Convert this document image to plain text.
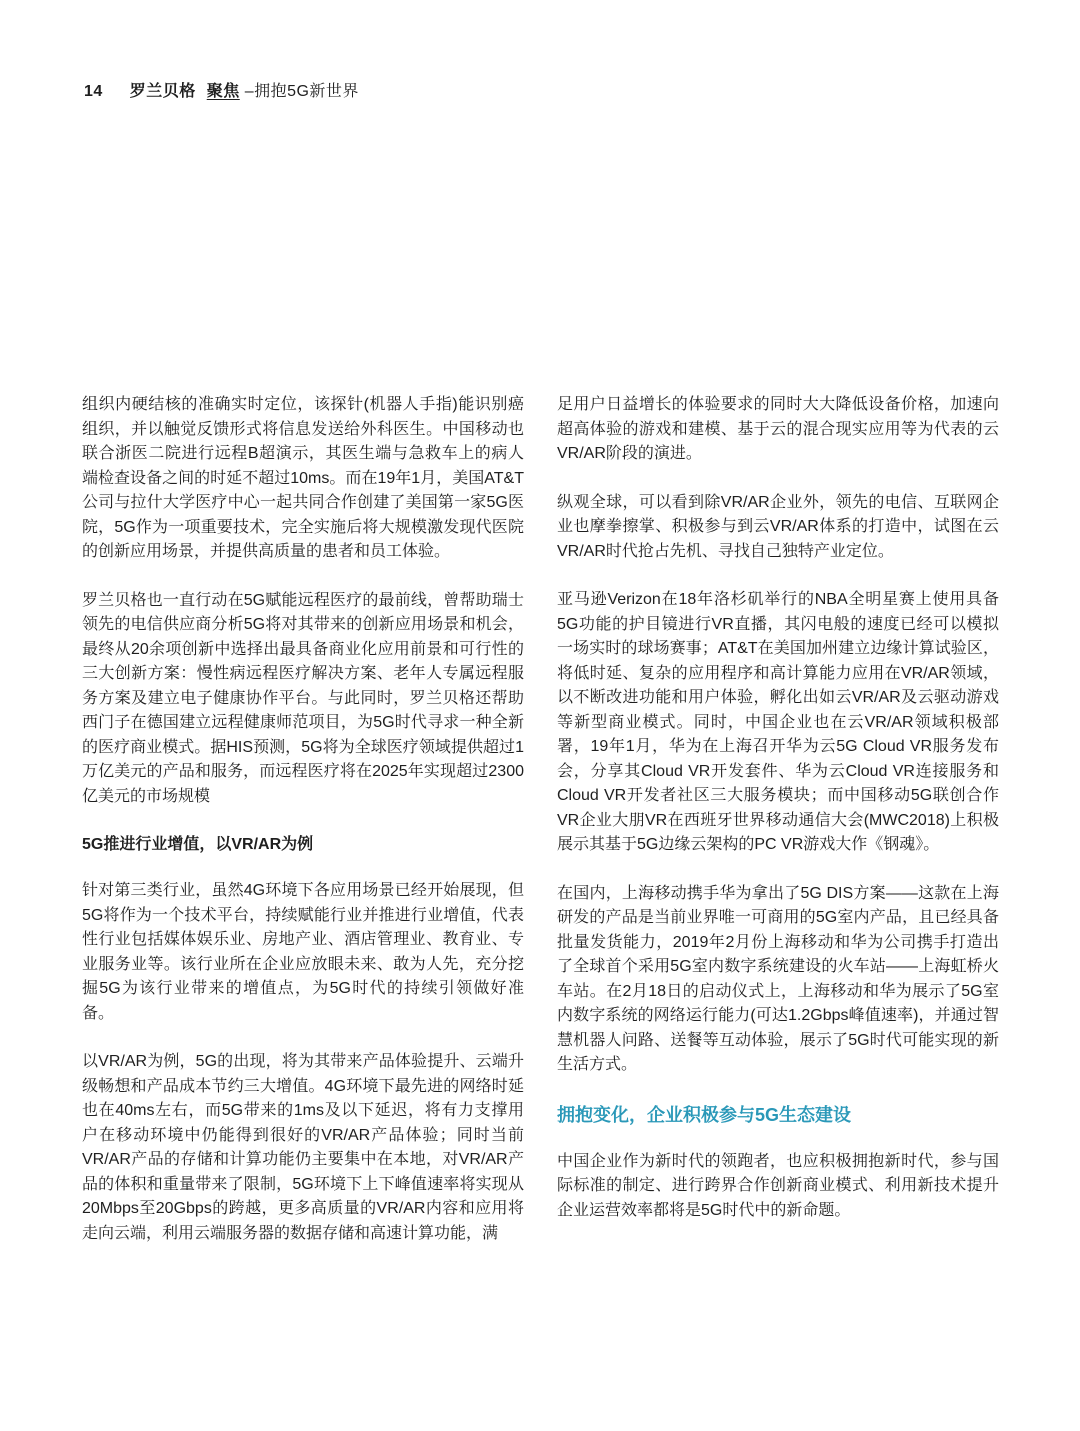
14 罗兰贝格 聚焦 –拥抱5G新世界

组织内硬结核的准确实时定位，该探针(机器人手指)能识别癌组织，并以触觉反馈形式将信息发送给外科医生。中国移动也联合浙医二院进行远程B超演示，其医生端与急救车上的病人端检查设备之间的时延不超过10ms。而在19年1月，美国AT&T公司与拉什大学医疗中心一起共同合作创建了美国第一家5G医院，5G作为一项重要技术，完全实施后将大规模激发现代医院的创新应用场景，并提供高质量的患者和员工体验。

罗兰贝格也一直行动在5G赋能远程医疗的最前线，曾帮助瑞士领先的电信供应商分析5G将对其带来的创新应用场景和机会，最终从20余项创新中选择出最具备商业化应用前景和可行性的三大创新方案：慢性病远程医疗解决方案、老年人专属远程服务方案及建立电子健康协作平台。与此同时，罗兰贝格还帮助西门子在德国建立远程健康师范项目，为5G时代寻求一种全新的医疗商业模式。据HIS预测，5G将为全球医疗领域提供超过1万亿美元的产品和服务，而远程医疗将在2025年实现超过2300亿美元的市场规模

5G推进行业增值，以VR/AR为例

针对第三类行业，虽然4G环境下各应用场景已经开始展现，但5G将作为一个技术平台，持续赋能行业并推进行业增值，代表性行业包括媒体娱乐业、房地产业、酒店管理业、教育业、专业服务业等。该行业所在企业应放眼未来、敢为人先，充分挖掘5G为该行业带来的增值点，为5G时代的持续引领做好准备。

以VR/AR为例，5G的出现，将为其带来产品体验提升、云端升级畅想和产品成本节约三大增值。4G环境下最先进的网络时延也在40ms左右，而5G带来的1ms及以下延迟，将有力支撑用户在移动环境中仍能得到很好的VR/AR产品体验；同时当前VR/AR产品的存储和计算功能仍主要集中在本地，对VR/AR产品的体积和重量带来了限制，5G环境下上下峰值速率将实现从20Mbps至20Gbps的跨越，更多高质量的VR/AR内容和应用将走向云端，利用云端服务器的数据存储和高速计算功能，满

足用户日益增长的体验要求的同时大大降低设备价格，加速向超高体验的游戏和建模、基于云的混合现实应用等为代表的云VR/AR阶段的演进。

纵观全球，可以看到除VR/AR企业外，领先的电信、互联网企业也摩拳擦掌、积极参与到云VR/AR体系的打造中，试图在云VR/AR时代抢占先机、寻找自己独特产业定位。

亚马逊Verizon在18年洛杉矶举行的NBA全明星赛上使用具备5G功能的护目镜进行VR直播，其闪电般的速度已经可以模拟一场实时的球场赛事；AT&T在美国加州建立边缘计算试验区，将低时延、复杂的应用程序和高计算能力应用在VR/AR领域，以不断改进功能和用户体验，孵化出如云VR/AR及云驱动游戏等新型商业模式。同时，中国企业也在云VR/AR领域积极部署，19年1月，华为在上海召开华为云5G Cloud VR服务发布会，分享其Cloud VR开发套件、华为云Cloud VR连接服务和Cloud VR开发者社区三大服务模块；而中国移动5G联创合作VR企业大朋VR在西班牙世界移动通信大会(MWC2018)上积极展示其基于5G边缘云架构的PC VR游戏大作《钢魂》。

在国内，上海移动携手华为拿出了5G DIS方案——这款在上海研发的产品是当前业界唯一可商用的5G室内产品，且已经具备批量发货能力，2019年2月份上海移动和华为公司携手打造出了全球首个采用5G室内数字系统建设的火车站——上海虹桥火车站。在2月18日的启动仪式上，上海移动和华为展示了5G室内数字系统的网络运行能力(可达1.2Gbps峰值速率)，并通过智慧机器人问路、送餐等互动体验，展示了5G时代可能实现的新生活方式。

拥抱变化，企业积极参与5G生态建设

中国企业作为新时代的领跑者，也应积极拥抱新时代，参与国际标准的制定、进行跨界合作创新商业模式、利用新技术提升企业运营效率都将是5G时代中的新命题。
